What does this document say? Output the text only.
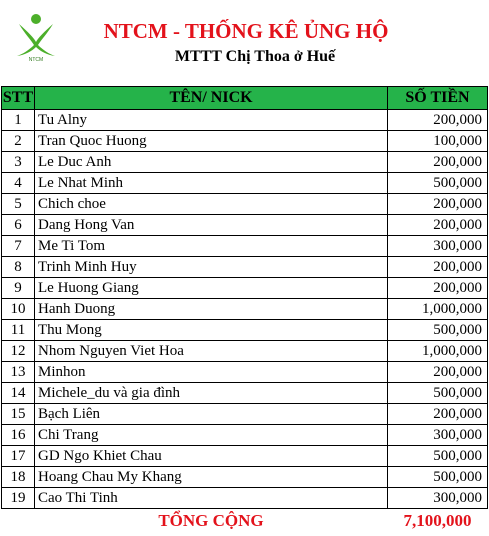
NTCM
NTCM - THỐNG KÊ ỦNG HỘ
MTTT Chị Thoa ở Huế
STT	TÊN/ NICK	SỐ TIỀN
1	Tu Alny	200,000
2	Tran Quoc Huong	100,000
3	Le Duc Anh	200,000
4	Le Nhat Minh	500,000
5	Chich choe	200,000
6	Dang Hong Van	200,000
7	Me Ti Tom	300,000
8	Trinh Minh Huy	200,000
9	Le Huong Giang	200,000
10	Hanh Duong	1,000,000
11	Thu Mong	500,000
12	Nhom Nguyen Viet Hoa	1,000,000
13	Minhon	200,000
14	Michele_du và gia đình	500,000
15	Bạch Liên	200,000
16	Chi Trang	300,000
17	GD Ngo Khiet Chau	500,000
18	Hoang Chau My Khang	500,000
19	Cao Thi Tinh	300,000
	TỔNG CỘNG	7,100,000
